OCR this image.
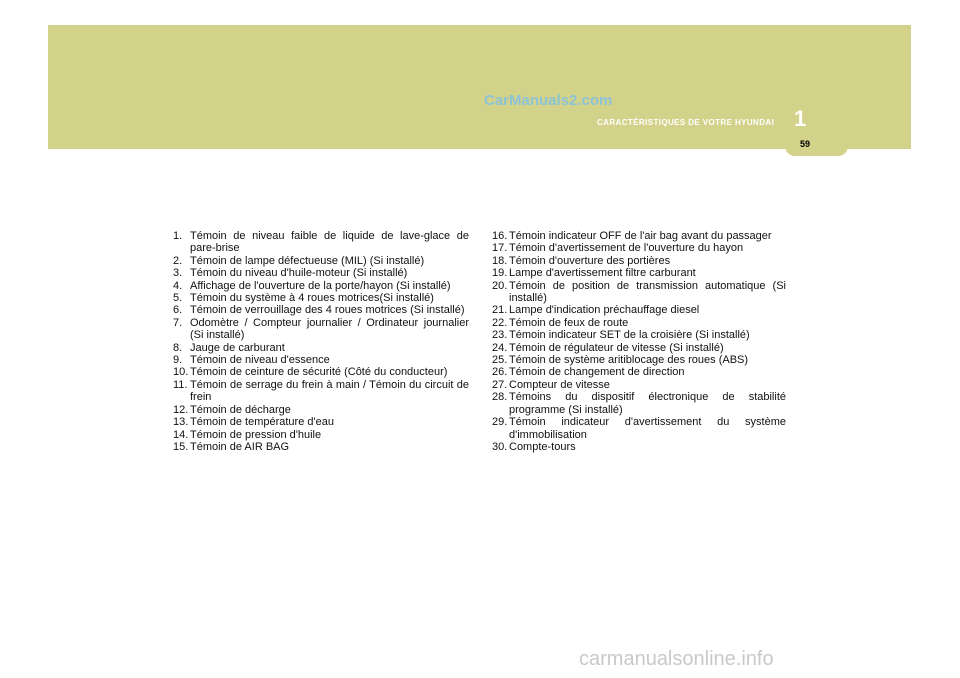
CarManuals2.com
1
CARACTÉRISTIQUES DE VOTRE HYUNDAI
59
1. Témoin de niveau faible de liquide de lave-glace de pare-brise
2. Témoin de lampe défectueuse (MIL) (Si installé)
3. Témoin du niveau d'huile-moteur (Si installé)
4. Affichage de l'ouverture de la porte/hayon (Si installé)
5. Témoin du système à 4 roues motrices(Si installé)
6. Témoin de verrouillage des 4 roues motrices (Si installé)
7. Odomètre / Compteur journalier / Ordinateur journalier (Si installé)
8. Jauge de carburant
9. Témoin de niveau d'essence
10. Témoin de ceinture de sécurité (Côté du conducteur)
11. Témoin de serrage du frein à main / Témoin du circuit de frein
12. Témoin de décharge
13. Témoin de température d'eau
14. Témoin de pression d'huile
15. Témoin de AIR BAG
16. Témoin indicateur OFF de l'air bag avant du passager
17. Témoin d'avertissement de l'ouverture du hayon
18. Témoin d'ouverture des portières
19. Lampe d'avertissement filtre carburant
20. Témoin de position de transmission automatique (Si installé)
21. Lampe d'indication préchauffage diesel
22. Témoin de feux de route
23. Témoin indicateur SET de la croisière (Si installé)
24. Témoin de régulateur de vitesse (Si installé)
25. Témoin de système aritiblocage des roues (ABS)
26. Témoin de changement de direction
27. Compteur de vitesse
28. Témoins du dispositif électronique de stabilité programme (Si installé)
29. Témoin indicateur d'avertissement du système d'immobilisation
30. Compte-tours
carmanualsonline.info
